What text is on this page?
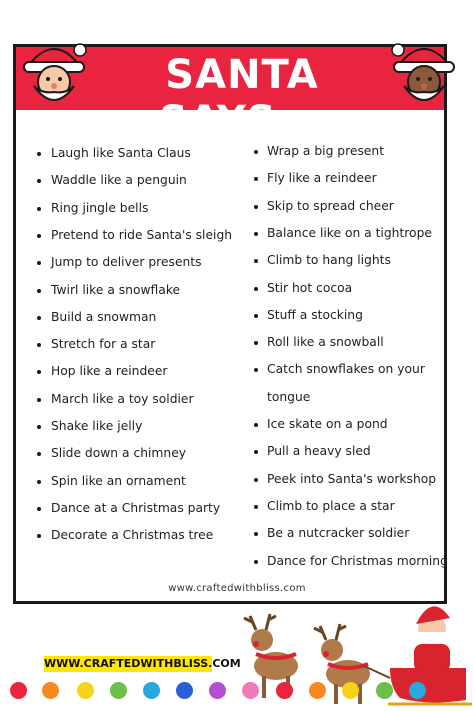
SANTA SAYS...
www.craftedwithbliss.com
WWW.CRAFTEDWITHBLISS.COM
Laugh like Santa Claus
Waddle like a penguin
Ring jingle bells
Pretend to ride Santa's sleigh
Jump to deliver presents
Twirl like a snowflake
Build a snowman
Stretch for a star
Hop like a reindeer
March like a toy soldier
Shake like jelly
Slide down a chimney
Spin like an ornament
Dance at a Christmas party
Decorate a Christmas tree
Wrap a big present
Fly like a reindeer
Skip to spread cheer
Balance like on a tightrope
Climb to hang lights
Stir hot cocoa
Stuff a stocking
Roll like a snowball
Catch snowflakes on your
tongue
Ice skate on a pond
Pull a heavy sled
Peek into Santa's workshop
Climb to place a star
Be a nutcracker soldier
Dance for Christmas morning
